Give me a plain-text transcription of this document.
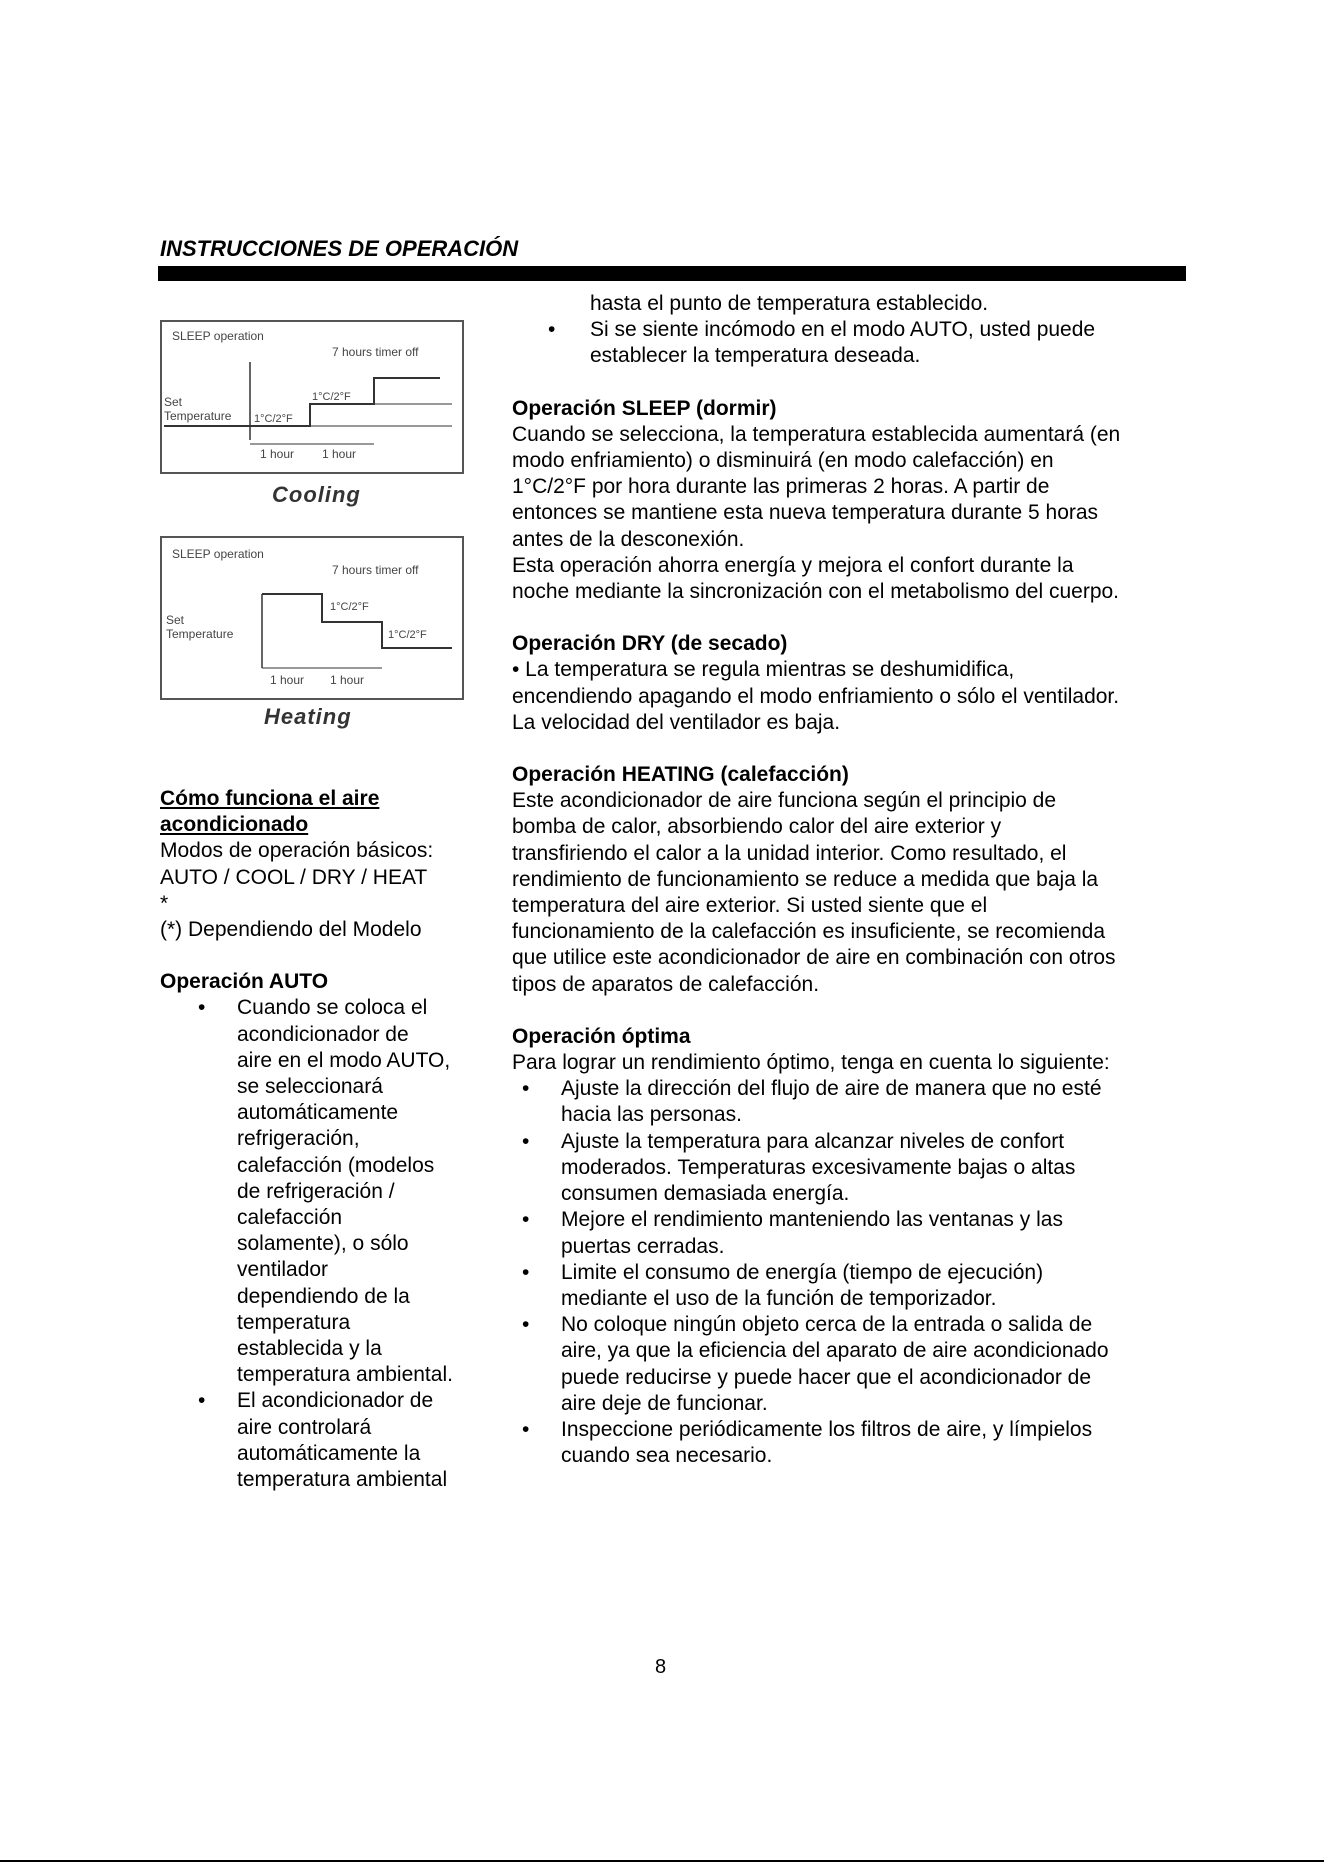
INSTRUCCIONES DE OPERACIÓN
SLEEP operation
7 hours timer off
Set
Temperature 1°C/2°F
1°C/2°F
1 hour 1 hour
Cooling
SLEEP operation
7 hours timer off
Set
Temperature
1°C/2°F
1°C/2°F
1 hour 1 hour
Heating
Cómo funciona el aire
acondicionado
Modos de operación básicos:
AUTO / COOL / DRY / HEAT
*
(*) Dependiendo del Modelo
Operación AUTO
• Cuando se coloca el
acondicionador de
aire en el modo AUTO,
se seleccionará
automáticamente
refrigeración,
calefacción (modelos
de refrigeración /
calefacción
solamente), o sólo
ventilador
dependiendo de la
temperatura
establecida y la
temperatura ambiental.
• El acondicionador de
aire controlará
automáticamente la
temperatura ambiental
hasta el punto de temperatura establecido.
• Si se siente incómodo en el modo AUTO, usted puede
establecer la temperatura deseada.
Operación SLEEP (dormir)
Cuando se selecciona, la temperatura establecida aumentará (en
modo enfriamiento) o disminuirá (en modo calefacción) en
1°C/2°F por hora durante las primeras 2 horas. A partir de
entonces se mantiene esta nueva temperatura durante 5 horas
antes de la desconexión.
Esta operación ahorra energía y mejora el confort durante la
noche mediante la sincronización con el metabolismo del cuerpo.
Operación DRY (de secado)
• La temperatura se regula mientras se deshumidifica,
encendiendo apagando el modo enfriamiento o sólo el ventilador.
La velocidad del ventilador es baja.
Operación HEATING (calefacción)
Este acondicionador de aire funciona según el principio de
bomba de calor, absorbiendo calor del aire exterior y
transfiriendo el calor a la unidad interior. Como resultado, el
rendimiento de funcionamiento se reduce a medida que baja la
temperatura del aire exterior. Si usted siente que el
funcionamiento de la calefacción es insuficiente, se recomienda
que utilice este acondicionador de aire en combinación con otros
tipos de aparatos de calefacción.
Operación óptima
Para lograr un rendimiento óptimo, tenga en cuenta lo siguiente:
• Ajuste la dirección del flujo de aire de manera que no esté
hacia las personas.
• Ajuste la temperatura para alcanzar niveles de confort
moderados. Temperaturas excesivamente bajas o altas
consumen demasiada energía.
• Mejore el rendimiento manteniendo las ventanas y las
puertas cerradas.
• Limite el consumo de energía (tiempo de ejecución)
mediante el uso de la función de temporizador.
• No coloque ningún objeto cerca de la entrada o salida de
aire, ya que la eficiencia del aparato de aire acondicionado
puede reducirse y puede hacer que el acondicionador de
aire deje de funcionar.
• Inspeccione periódicamente los filtros de aire, y límpielos
cuando sea necesario.
8
